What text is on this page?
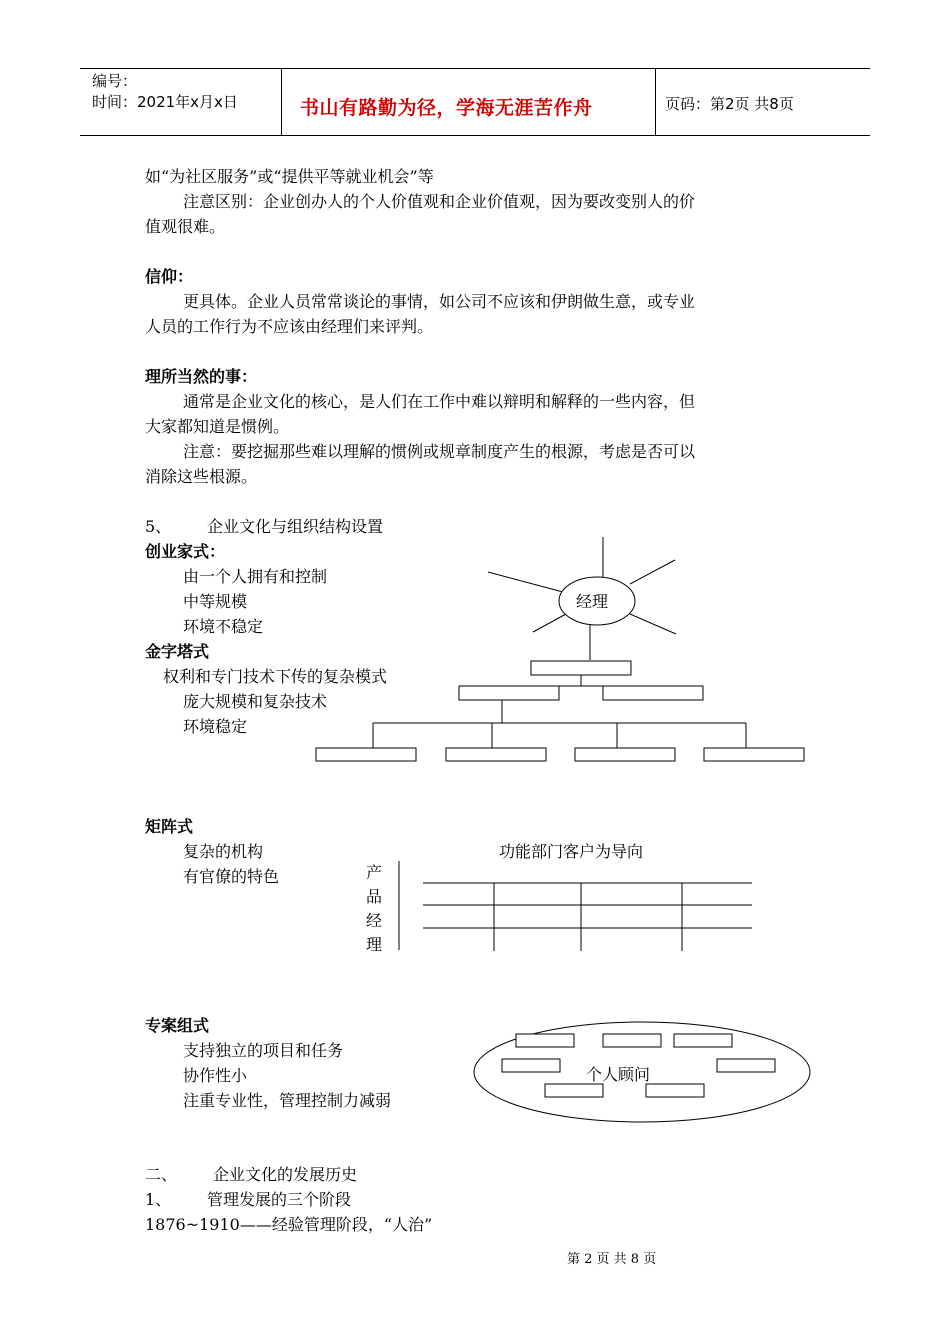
编号：
时间：2021年x月x日	书山有路勤为径，学海无涯苦作舟	页码：第2页 共8页
如“为社区服务”或“提供平等就业机会”等
注意区别：企业创办人的个人价值观和企业价值观，因为要改变别人的价
值观很难。
信仰：
更具体。企业人员常常谈论的事情，如公司不应该和伊朗做生意，或专业
人员的工作行为不应该由经理们来评判。
理所当然的事：
通常是企业文化的核心，是人们在工作中难以辩明和解释的一些内容，但
大家都知道是惯例。
注意：要挖掘那些难以理解的惯例或规章制度产生的根源，考虑是否可以
消除这些根源。
5、 企业文化与组织结构设置
创业家式：
由一个人拥有和控制
中等规模
环境不稳定
金字塔式
权利和专门技术下传的复杂模式
庞大规模和复杂技术
环境稳定
经理
矩阵式
复杂的机构
有官僚的特色
功能部门客户为导向
产
品
经
理
专案组式
支持独立的项目和任务
协作性小
注重专业性，管理控制力减弱
个人顾问
二、 企业文化的发展历史
1、 管理发展的三个阶段
1876~1910——经验管理阶段，“人治”
第 2 页 共 8 页
